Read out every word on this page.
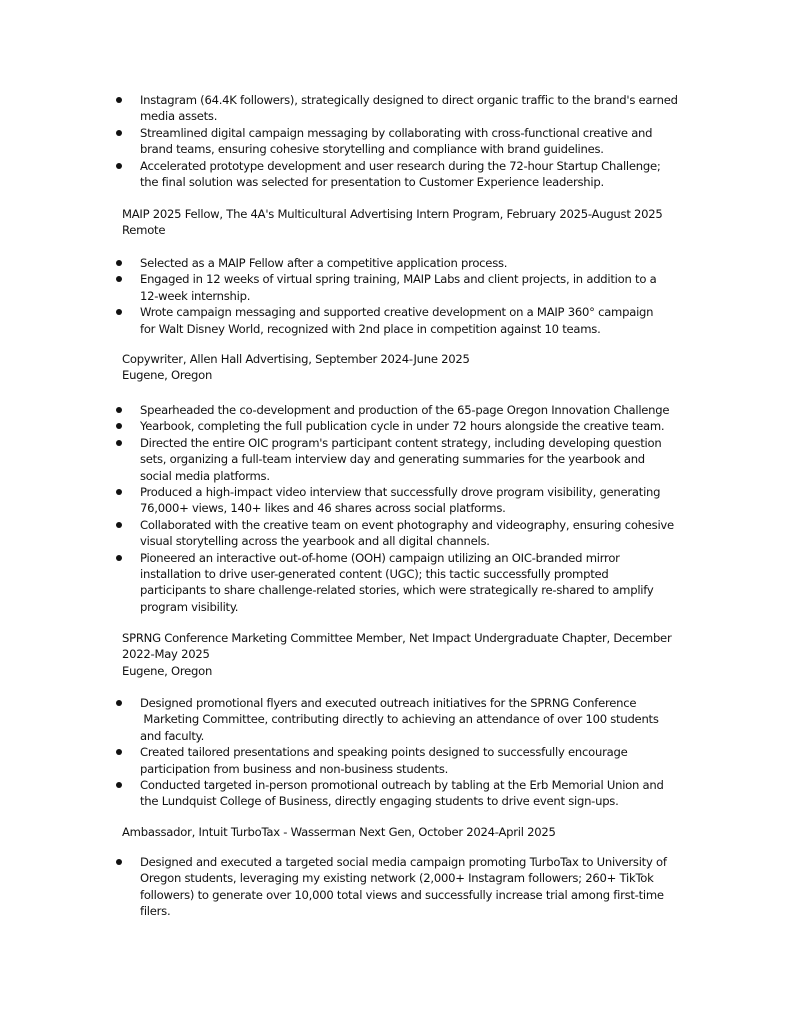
Instagram (64.4K followers), strategically designed to direct organic traffic to the brand's earned
media assets.
Streamlined digital campaign messaging by collaborating with cross-functional creative and
brand teams, ensuring cohesive storytelling and compliance with brand guidelines.
Accelerated prototype development and user research during the 72-hour Startup Challenge;
the final solution was selected for presentation to Customer Experience leadership.
MAIP 2025 Fellow, The 4A's Multicultural Advertising Intern Program, February 2025-August 2025
Remote
Selected as a MAIP Fellow after a competitive application process.
Engaged in 12 weeks of virtual spring training, MAIP Labs and client projects, in addition to a
12-week internship.
Wrote campaign messaging and supported creative development on a MAIP 360° campaign
for Walt Disney World, recognized with 2nd place in competition against 10 teams.
Copywriter, Allen Hall Advertising, September 2024-June 2025
Eugene, Oregon
Spearheaded the co-development and production of the 65-page Oregon Innovation Challenge
Yearbook, completing the full publication cycle in under 72 hours alongside the creative team.
Directed the entire OIC program's participant content strategy, including developing question
sets, organizing a full-team interview day and generating summaries for the yearbook and
social media platforms.
Produced a high-impact video interview that successfully drove program visibility, generating
76,000+ views, 140+ likes and 46 shares across social platforms.
Collaborated with the creative team on event photography and videography, ensuring cohesive
visual storytelling across the yearbook and all digital channels.
Pioneered an interactive out-of-home (OOH) campaign utilizing an OIC-branded mirror
installation to drive user-generated content (UGC); this tactic successfully prompted
participants to share challenge-related stories, which were strategically re-shared to amplify
program visibility.
SPRNG Conference Marketing Committee Member, Net Impact Undergraduate Chapter, December
2022-May 2025
Eugene, Oregon
Designed promotional flyers and executed outreach initiatives for the SPRNG Conference
Marketing Committee, contributing directly to achieving an attendance of over 100 students
and faculty.
Created tailored presentations and speaking points designed to successfully encourage
participation from business and non-business students.
Conducted targeted in-person promotional outreach by tabling at the Erb Memorial Union and
the Lundquist College of Business, directly engaging students to drive event sign-ups.
Ambassador, Intuit TurboTax - Wasserman Next Gen, October 2024-April 2025
Designed and executed a targeted social media campaign promoting TurboTax to University of
Oregon students, leveraging my existing network (2,000+ Instagram followers; 260+ TikTok
followers) to generate over 10,000 total views and successfully increase trial among first-time
filers.
